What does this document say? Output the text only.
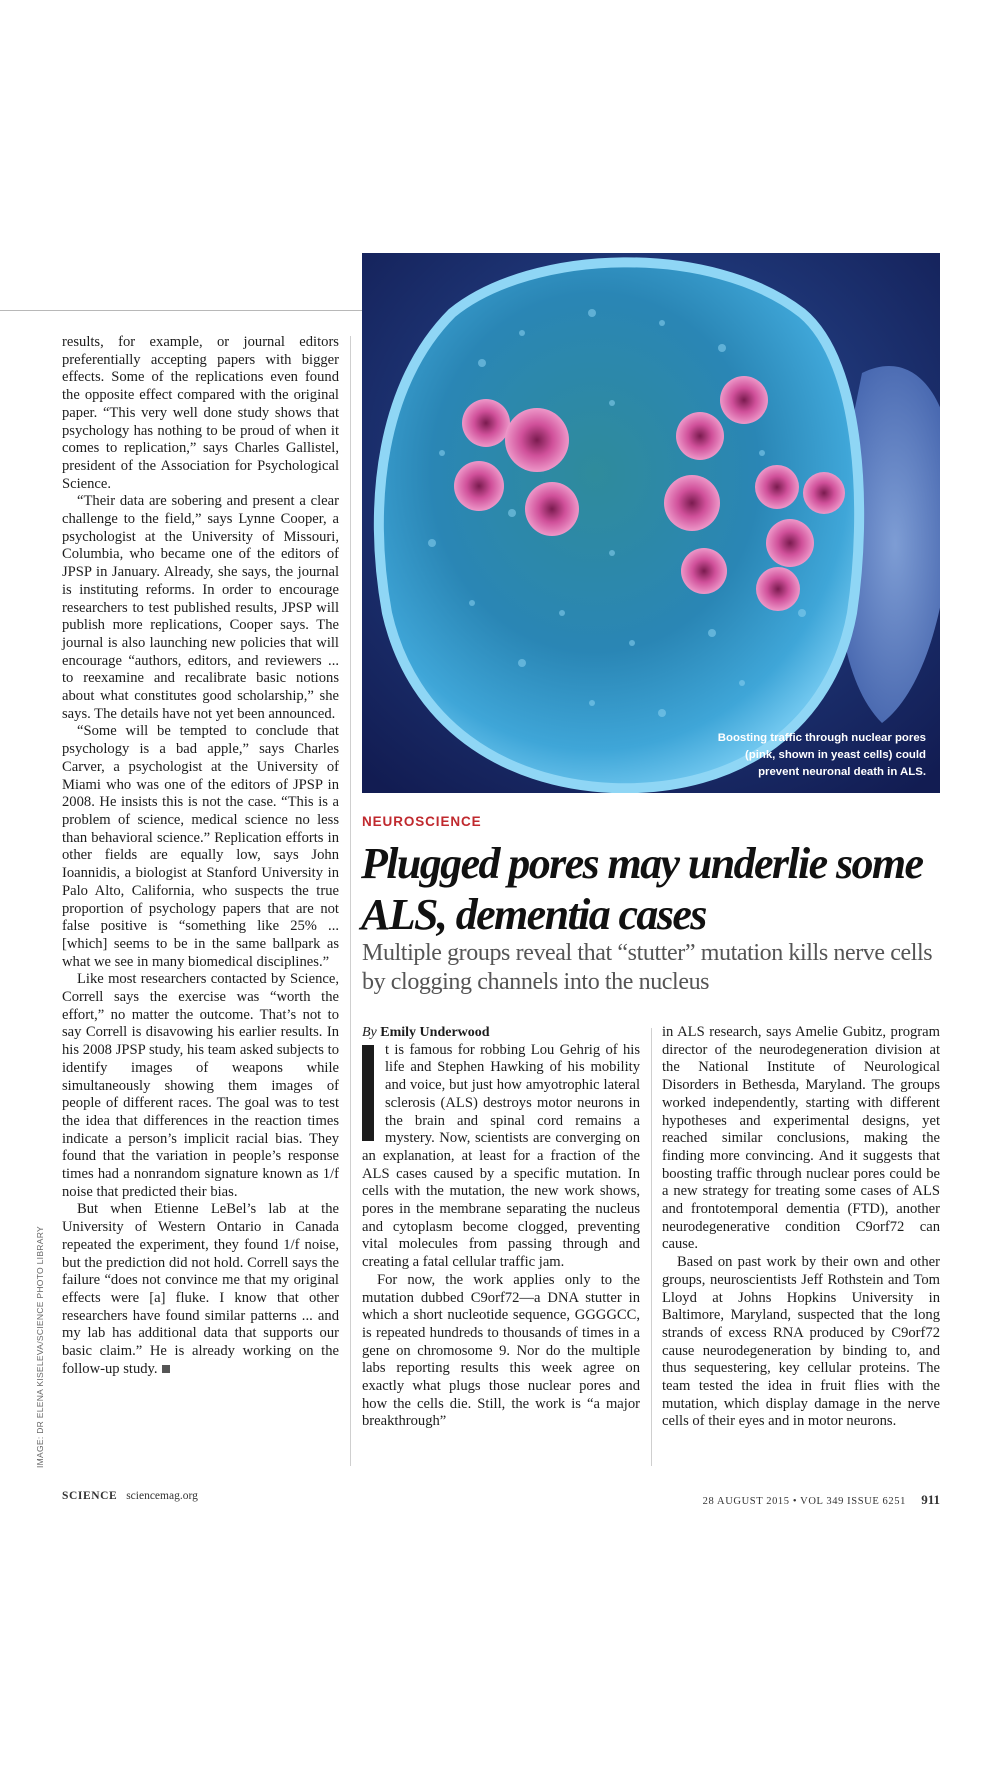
results, for example, or journal editors preferentially accepting papers with bigger effects. Some of the replications even found the opposite effect compared with the original paper. “This very well done study shows that psychology has nothing to be proud of when it comes to replication,” says Charles Gallistel, president of the Association for Psychological Science.

“Their data are sobering and present a clear challenge to the field,” says Lynne Cooper, a psychologist at the University of Missouri, Columbia, who became one of the editors of JPSP in January. Already, she says, the journal is instituting reforms. In order to encourage researchers to test published results, JPSP will publish more replications, Cooper says. The journal is also launching new policies that will encourage “authors, editors, and reviewers ... to reexamine and recalibrate basic notions about what constitutes good scholarship,” she says. The details have not yet been announced.

“Some will be tempted to conclude that psychology is a bad apple,” says Charles Carver, a psychologist at the University of Miami who was one of the editors of JPSP in 2008. He insists this is not the case. “This is a problem of science, medical science no less than behavioral science.” Replication efforts in other fields are equally low, says John Ioannidis, a biologist at Stanford University in Palo Alto, California, who suspects the true proportion of psychology papers that are not false positive is “something like 25% ... [which] seems to be in the same ballpark as what we see in many biomedical disciplines.”

Like most researchers contacted by Science, Correll says the exercise was “worth the effort,” no matter the outcome. That’s not to say Correll is disavowing his earlier results. In his 2008 JPSP study, his team asked subjects to identify images of weapons while simultaneously showing them images of people of different races. The goal was to test the idea that differences in the reaction times indicate a person’s implicit racial bias. They found that the variation in people’s response times had a nonrandom signature known as 1/f noise that predicted their bias.

But when Etienne LeBel’s lab at the University of Western Ontario in Canada repeated the experiment, they found 1/f noise, but the prediction did not hold. Correll says the failure “does not convince me that my original effects were [a] fluke. I know that other researchers have found similar patterns ... and my lab has additional data that supports our basic claim.” He is already working on the follow-up study.

IMAGE: DR ELENA KISELEVA/SCIENCE PHOTO LIBRARY
Boosting traffic through nuclear pores (pink, shown in yeast cells) could prevent neuronal death in ALS.
NEUROSCIENCE
Plugged pores may underlie some ALS, dementia cases

Multiple groups reveal that “stutter” mutation kills nerve cells by clogging channels into the nucleus

By Emily Underwood

t is famous for robbing Lou Gehrig of his life and Stephen Hawking of his mobility and voice, but just how amyotrophic lateral sclerosis (ALS) destroys motor neurons in the brain and spinal cord remains a mystery. Now, scientists are converging on an explanation, at least for a fraction of the ALS cases caused by a specific mutation. In cells with the mutation, the new work shows, pores in the membrane separating the nucleus and cytoplasm become clogged, preventing vital molecules from passing through and creating a fatal cellular traffic jam.

For now, the work applies only to the mutation dubbed C9orf72—a DNA stutter in which a short nucleotide sequence, GGGGCC, is repeated hundreds to thousands of times in a gene on chromosome 9. Nor do the multiple labs reporting results this week agree on exactly what plugs those nuclear pores and how the cells die. Still, the work is “a major breakthrough”

in ALS research, says Amelie Gubitz, program director of the neurodegeneration division at the National Institute of Neurological Disorders in Bethesda, Maryland. The groups worked independently, starting with different hypotheses and experimental designs, yet reached similar conclusions, making the finding more convincing. And it suggests that boosting traffic through nuclear pores could be a new strategy for treating some cases of ALS and frontotemporal dementia (FTD), another neurodegenerative condition C9orf72 can cause.

Based on past work by their own and other groups, neuroscientists Jeff Rothstein and Tom Lloyd at Johns Hopkins University in Baltimore, Maryland, suspected that the long strands of excess RNA produced by C9orf72 cause neurodegeneration by binding to, and thus sequestering, key cellular proteins. The team tested the idea in fruit flies with the mutation, which display damage in the nerve cells of their eyes and in motor neurons.

SCIENCE sciencemag.org	28 AUGUST 2015 • VOL 349 ISSUE 6251 911
